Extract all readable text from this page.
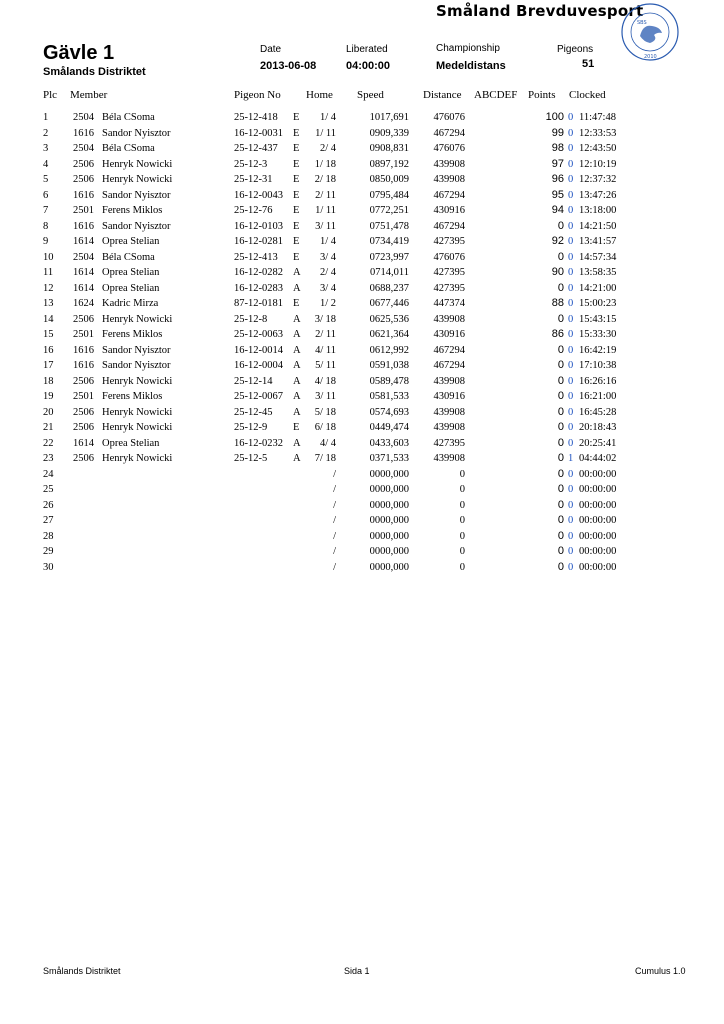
Småland Brevduvesport
SBS
2010
Gävle 1
Smålands Distriktet
Date
2013-06-08
Liberated
04:00:00
Championship
Medeldistans
Pigeons
51
Plc Member	Pigeon No Home Speed	Distance ABCDEF Points Clocked
1 2504 Béla CSoma	25-12-418 E	1/ 4	1017,691	476076	100 0 11:47:48
2 1616 Sandor Nyisztor	16-12-0031 E	1/ 11	0909,339	467294	99 0 12:33:53
3 2504 Béla CSoma	25-12-437 E	2/ 4	0908,831	476076	98 0 12:43:50
4 2506 Henryk Nowicki	25-12-3 E	1/ 18	0897,192	439908	97 0 12:10:19
5 2506 Henryk Nowicki	25-12-31 E	2/ 18	0850,009	439908	96 0 12:37:32
6 1616 Sandor Nyisztor	16-12-0043 E	2/ 11	0795,484	467294	95 0 13:47:26
7 2501 Ferens Miklos	25-12-76 E	1/ 11	0772,251	430916	94 0 13:18:00
8 1616 Sandor Nyisztor	16-12-0103 E	3/ 11	0751,478	467294	0 0 14:21:50
9 1614 Oprea Stelian	16-12-0281 E	1/ 4	0734,419	427395	92 0 13:41:57
10 2504 Béla CSoma	25-12-413 E	3/ 4	0723,997	476076	0 0 14:57:34
11 1614 Oprea Stelian	16-12-0282 A	2/ 4	0714,011	427395	90 0 13:58:35
12 1614 Oprea Stelian	16-12-0283 A	3/ 4	0688,237	427395	0 0 14:21:00
13 1624 Kadric Mirza	87-12-0181 E	1/ 2	0677,446	447374	88 0 15:00:23
14 2506 Henryk Nowicki	25-12-8 A	3/ 18	0625,536	439908	0 0 15:43:15
15 2501 Ferens Miklos	25-12-0063 A	2/ 11	0621,364	430916	86 0 15:33:30
16 1616 Sandor Nyisztor	16-12-0014 A	4/ 11	0612,992	467294	0 0 16:42:19
17 1616 Sandor Nyisztor	16-12-0004 A	5/ 11	0591,038	467294	0 0 17:10:38
18 2506 Henryk Nowicki	25-12-14 A	4/ 18	0589,478	439908	0 0 16:26:16
19 2501 Ferens Miklos	25-12-0067 A	3/ 11	0581,533	430916	0 0 16:21:00
20 2506 Henryk Nowicki	25-12-45 A	5/ 18	0574,693	439908	0 0 16:45:28
21 2506 Henryk Nowicki	25-12-9 E	6/ 18	0449,474	439908	0 0 20:18:43
22 1614 Oprea Stelian	16-12-0232 A	4/ 4	0433,603	427395	0 0 20:25:41
23 2506 Henryk Nowicki	25-12-5 A	7/ 18	0371,533	439908	0 1 04:44:02
24	/	0000,000	0	0 0 00:00:00
25	/	0000,000	0	0 0 00:00:00
26	/	0000,000	0	0 0 00:00:00
27	/	0000,000	0	0 0 00:00:00
28	/	0000,000	0	0 0 00:00:00
29	/	0000,000	0	0 0 00:00:00
30	/	0000,000	0	0 0 00:00:00
Smålands Distriktet	Sida 1	Cumulus 1.0
